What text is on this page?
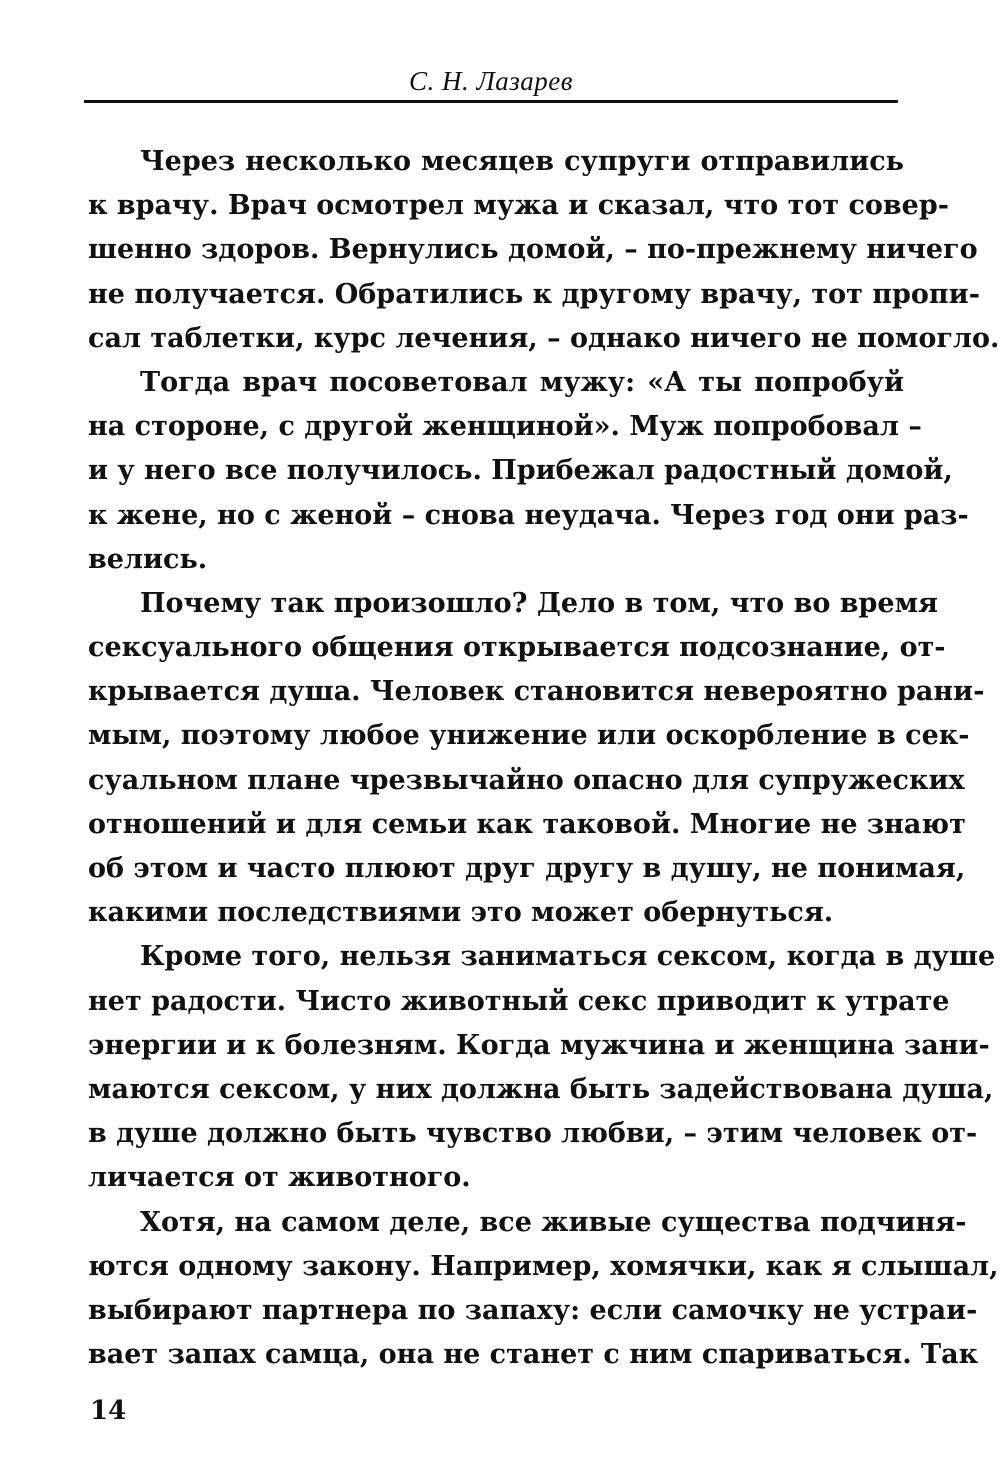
С. Н. Лазарев
Через несколько месяцев супруги отправились
к врачу. Врач осмотрел мужа и сказал, что тот совер-
шенно здоров. Вернулись домой, – по-прежнему ничего
не получается. Обратились к другому врачу, тот пропи-
сал таблетки, курс лечения, – однако ничего не помогло.
Тогда врач посоветовал мужу: «А ты попробуй
на стороне, с другой женщиной». Муж попробовал –
и у него все получилось. Прибежал радостный домой,
к жене, но с женой – снова неудача. Через год они раз-
велись.
Почему так произошло? Дело в том, что во время
сексуального общения открывается подсознание, от-
крывается душа. Человек становится невероятно рани-
мым, поэтому любое унижение или оскорбление в сек-
суальном плане чрезвычайно опасно для супружеских
отношений и для семьи как таковой. Многие не знают
об этом и часто плюют друг другу в душу, не понимая,
какими последствиями это может обернуться.
Кроме того, нельзя заниматься сексом, когда в душе
нет радости. Чисто животный секс приводит к утрате
энергии и к болезням. Когда мужчина и женщина зани-
маются сексом, у них должна быть задействована душа,
в душе должно быть чувство любви, – этим человек от-
личается от животного.
Хотя, на самом деле, все живые существа подчиня-
ются одному закону. Например, хомячки, как я слышал,
выбирают партнера по запаху: если самочку не устраи-
вает запах самца, она не станет с ним спариваться. Так
14
